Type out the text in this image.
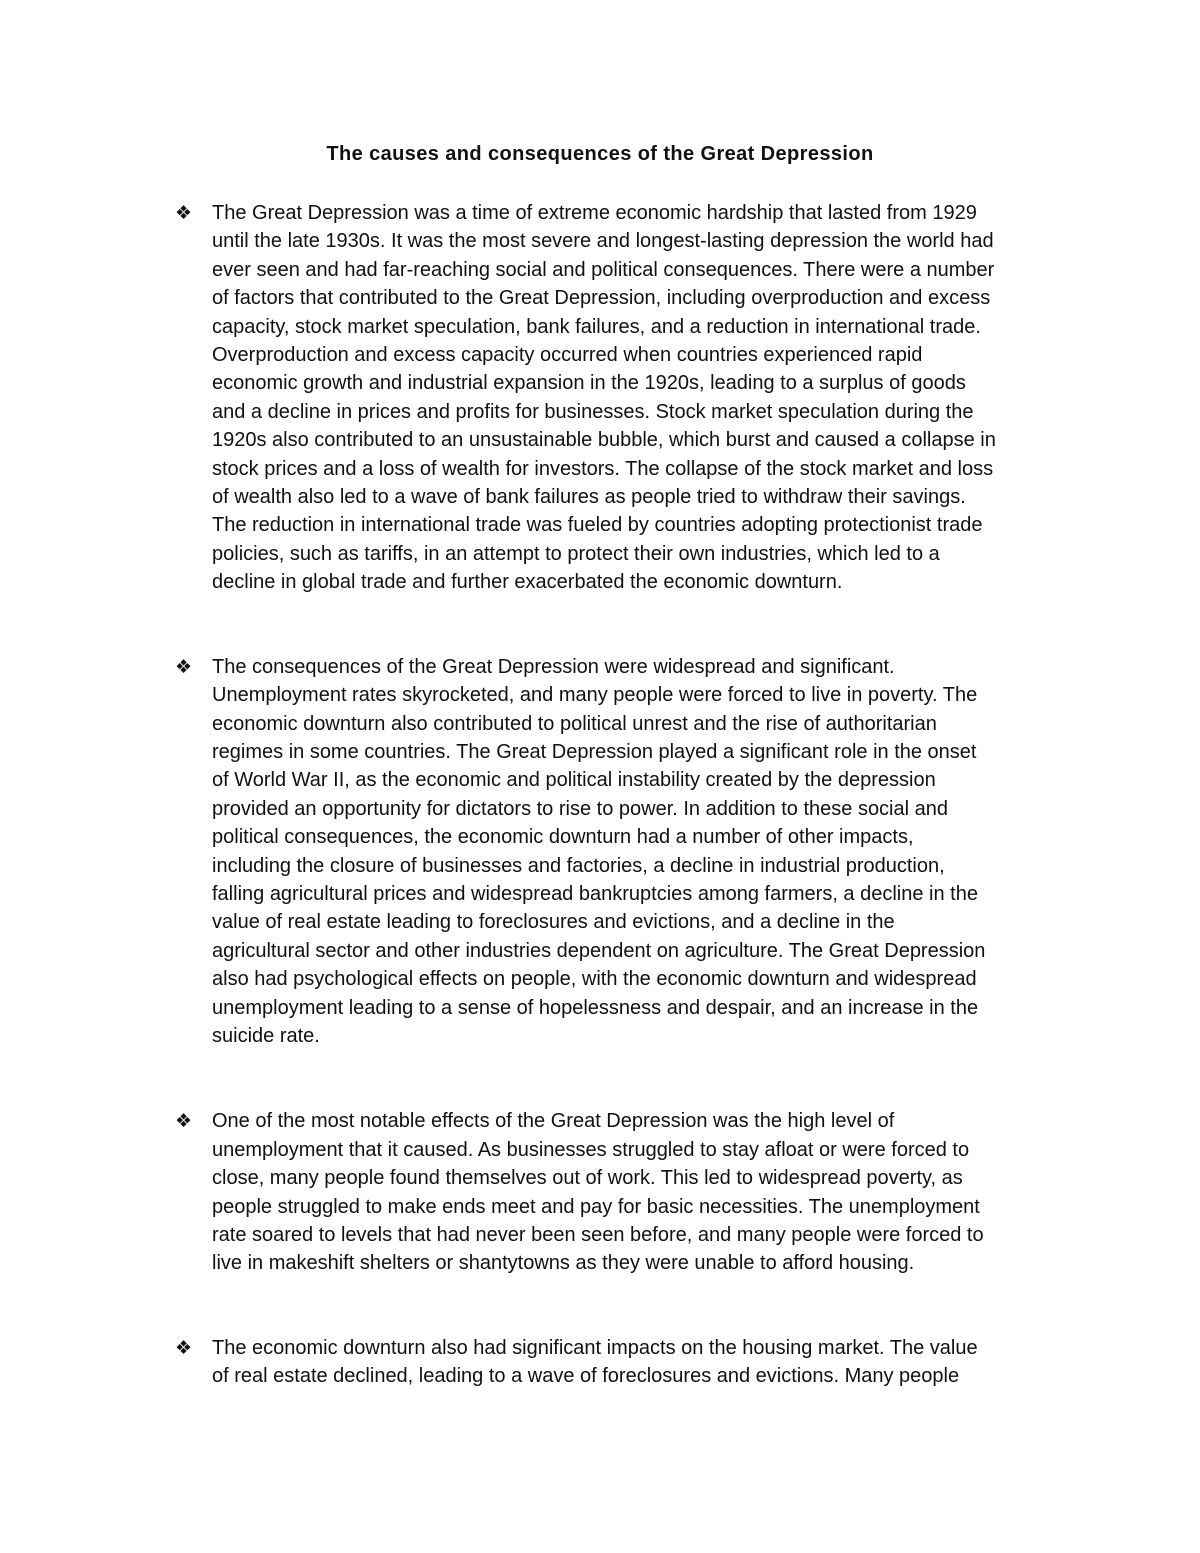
The causes and consequences of the Great Depression
❖ The Great Depression was a time of extreme economic hardship that lasted from 1929
until the late 1930s. It was the most severe and longest-lasting depression the world had
ever seen and had far-reaching social and political consequences. There were a number
of factors that contributed to the Great Depression, including overproduction and excess
capacity, stock market speculation, bank failures, and a reduction in international trade.
Overproduction and excess capacity occurred when countries experienced rapid
economic growth and industrial expansion in the 1920s, leading to a surplus of goods
and a decline in prices and profits for businesses. Stock market speculation during the
1920s also contributed to an unsustainable bubble, which burst and caused a collapse in
stock prices and a loss of wealth for investors. The collapse of the stock market and loss
of wealth also led to a wave of bank failures as people tried to withdraw their savings.
The reduction in international trade was fueled by countries adopting protectionist trade
policies, such as tariffs, in an attempt to protect their own industries, which led to a
decline in global trade and further exacerbated the economic downturn.
❖ The consequences of the Great Depression were widespread and significant.
Unemployment rates skyrocketed, and many people were forced to live in poverty. The
economic downturn also contributed to political unrest and the rise of authoritarian
regimes in some countries. The Great Depression played a significant role in the onset
of World War II, as the economic and political instability created by the depression
provided an opportunity for dictators to rise to power. In addition to these social and
political consequences, the economic downturn had a number of other impacts,
including the closure of businesses and factories, a decline in industrial production,
falling agricultural prices and widespread bankruptcies among farmers, a decline in the
value of real estate leading to foreclosures and evictions, and a decline in the
agricultural sector and other industries dependent on agriculture. The Great Depression
also had psychological effects on people, with the economic downturn and widespread
unemployment leading to a sense of hopelessness and despair, and an increase in the
suicide rate.
❖ One of the most notable effects of the Great Depression was the high level of
unemployment that it caused. As businesses struggled to stay afloat or were forced to
close, many people found themselves out of work. This led to widespread poverty, as
people struggled to make ends meet and pay for basic necessities. The unemployment
rate soared to levels that had never been seen before, and many people were forced to
live in makeshift shelters or shantytowns as they were unable to afford housing.
❖ The economic downturn also had significant impacts on the housing market. The value
of real estate declined, leading to a wave of foreclosures and evictions. Many people
